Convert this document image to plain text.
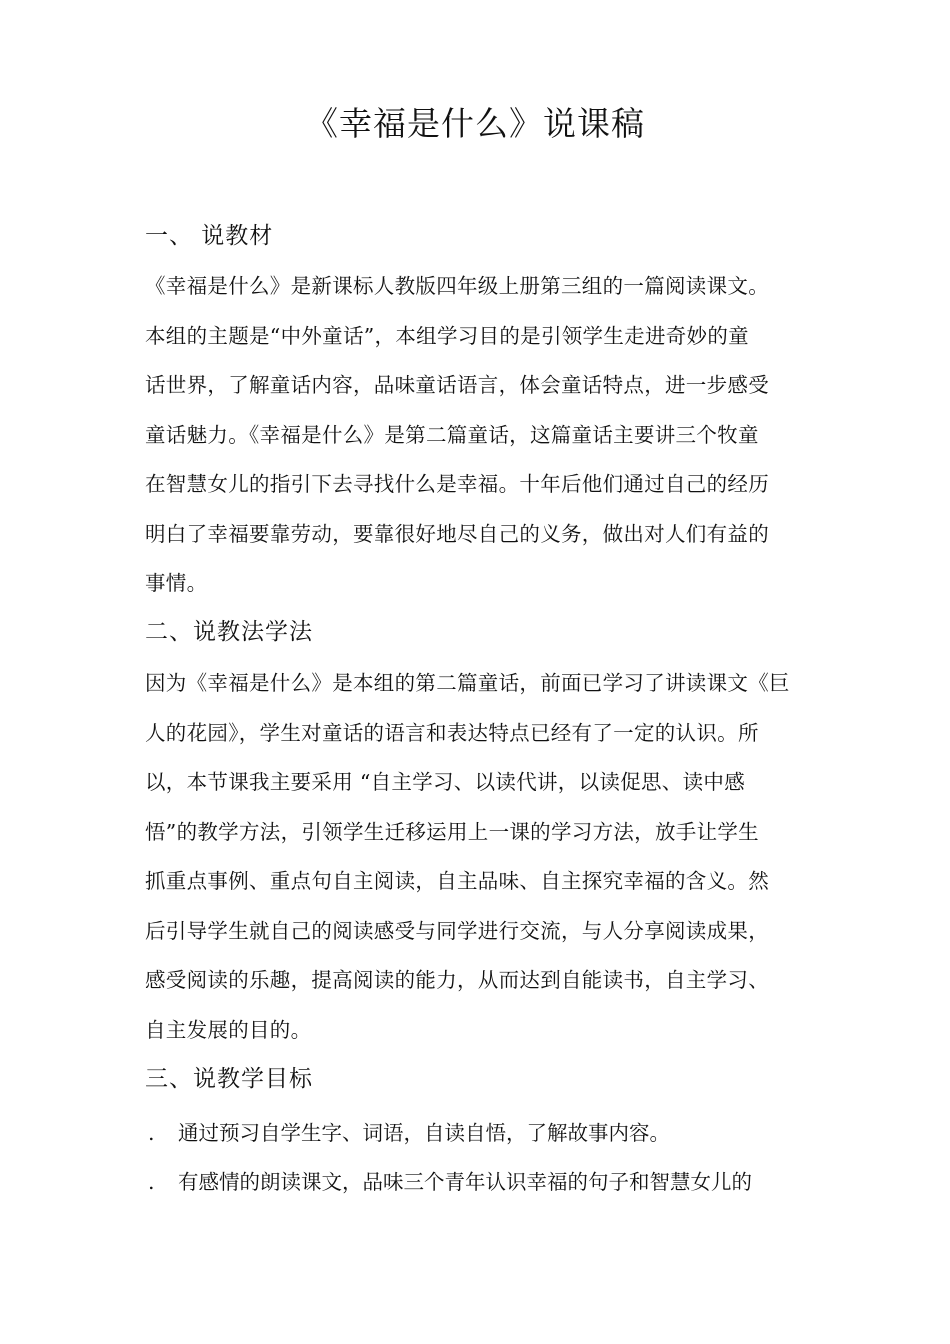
《幸福是什么》说课稿
一、 说教材

《幸福是什么》是新课标人教版四年级上册第三组的一篇阅读课文。
本组的主题是“中外童话”，本组学习目的是引领学生走进奇妙的童
话世界，了解童话内容，品味童话语言，体会童话特点，进一步感受
童话魅力。《幸福是什么》是第二篇童话，这篇童话主要讲三个牧童
在智慧女儿的指引下去寻找什么是幸福。十年后他们通过自己的经历
明白了幸福要靠劳动，要靠很好地尽自己的义务，做出对人们有益的
事情。

二、说教法学法

因为《幸福是什么》是本组的第二篇童话，前面已学习了讲读课文《巨
人的花园》，学生对童话的语言和表达特点已经有了一定的认识。所
以，本节课我主要采用 “自主学习、以读代讲，以读促思、读中感
悟”的教学方法，引领学生迁移运用上一课的学习方法，放手让学生
抓重点事例、重点句自主阅读，自主品味、自主探究幸福的含义。然
后引导学生就自己的阅读感受与同学进行交流，与人分享阅读成果，
感受阅读的乐趣，提高阅读的能力，从而达到自能读书，自主学习、
自主发展的目的。

三、说教学目标
. 通过预习自学生字、词语，自读自悟，了解故事内容。
. 有感情的朗读课文，品味三个青年认识幸福的句子和智慧女儿的
